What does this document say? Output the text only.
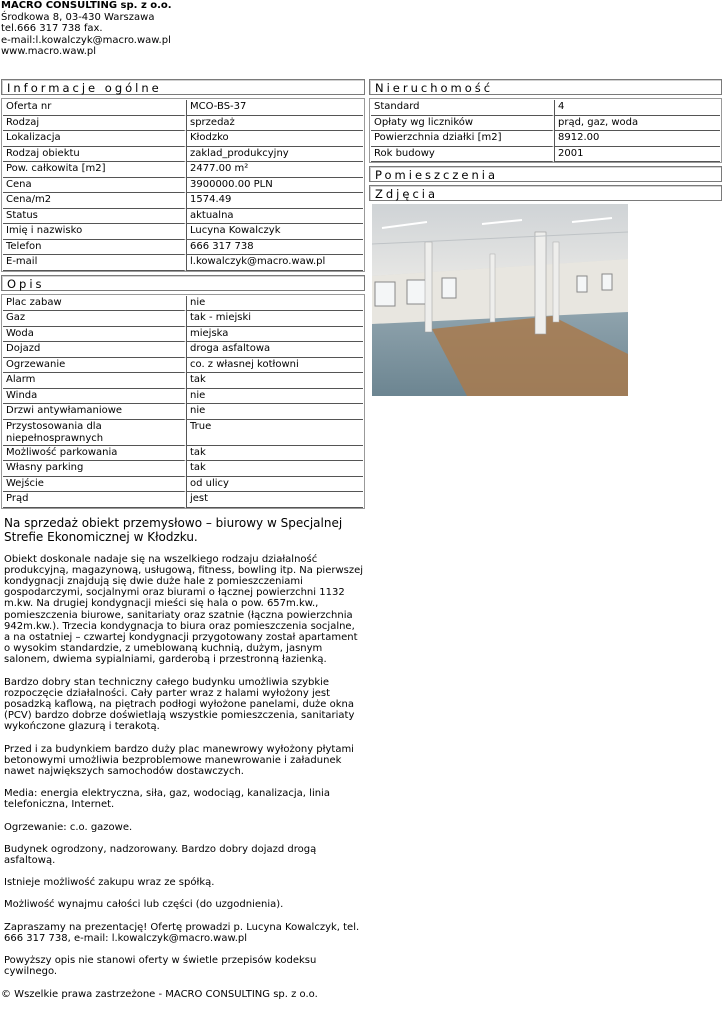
MACRO CONSULTING sp. z o.o.
Środkowa 8, 03-430 Warszawa
tel.666 317 738 fax.
e-mail:l.kowalczyk@macro.waw.pl
www.macro.waw.pl
Informacje ogólne
Oferta nr	MCO-BS-37
Rodzaj	sprzedaż
Lokalizacja	Kłodzko
Rodzaj obiektu	zaklad_produkcyjny
Pow. całkowita [m2]	2477.00 m²
Cena	3900000.00 PLN
Cena/m2	1574.49
Status	aktualna
Imię i nazwisko	Lucyna Kowalczyk
Telefon	666 317 738
E-mail	l.kowalczyk@macro.waw.pl
Opis
Plac zabaw	nie
Gaz	tak - miejski
Woda	miejska
Dojazd	droga asfaltowa
Ogrzewanie	co. z własnej kotłowni
Alarm	tak
Winda	nie
Drzwi antywłamaniowe	nie
Przystosowania dla niepełnosprawnych	True
Możliwość parkowania	tak
Własny parking	tak
Wejście	od ulicy
Prąd	jest
Na sprzedaż obiekt przemysłowo – biurowy w Specjalnej Strefie Ekonomicznej w Kłodzku.

Obiekt doskonale nadaje się na wszelkiego rodzaju działalność produkcyjną, magazynową, usługową, fitness, bowling itp. Na pierwszej kondygnacji znajdują się dwie duże hale z pomieszczeniami gospodarczymi, socjalnymi oraz biurami o łącznej powierzchni 1132 m.kw. Na drugiej kondygnacji mieści się hala o pow. 657m.kw., pomieszczenia biurowe, sanitariaty oraz szatnie (łączna powierzchnia 942m.kw.). Trzecia kondygnacja to biura oraz pomieszczenia socjalne, a na ostatniej – czwartej kondygnacji przygotowany został apartament o wysokim standardzie, z umeblowaną kuchnią, dużym, jasnym salonem, dwiema sypialniami, garderobą i przestronną łazienką.

Bardzo dobry stan techniczny całego budynku umożliwia szybkie rozpoczęcie działalności. Cały parter wraz z halami wyłożony jest posadzką kaflową, na piętrach podłogi wyłożone panelami, duże okna (PCV) bardzo dobrze doświetlają wszystkie pomieszczenia, sanitariaty wykończone glazurą i terakotą.

Przed i za budynkiem bardzo duży plac manewrowy wyłożony płytami betonowymi umożliwia bezproblemowe manewrowanie i załadunek nawet największych samochodów dostawczych.

Media: energia elektryczna, siła, gaz, wodociąg, kanalizacja, linia telefoniczna, Internet.

Ogrzewanie: c.o. gazowe.

Budynek ogrodzony, nadzorowany. Bardzo dobry dojazd drogą asfaltową.

Istnieje możliwość zakupu wraz ze spółką.

Możliwość wynajmu całości lub części (do uzgodnienia).

Zapraszamy na prezentację! Ofertę prowadzi p. Lucyna Kowalczyk, tel. 666 317 738, e-mail: l.kowalczyk@macro.waw.pl

Powyższy opis nie stanowi oferty w świetle przepisów kodeksu cywilnego.

Nieruchomość
Standard	4
Opłaty wg liczników	prąd, gaz, woda
Powierzchnia działki [m2]	8912.00
Rok budowy	2001
Pomieszczenia
Zdjęcia
© Wszelkie prawa zastrzeżone - MACRO CONSULTING sp. z o.o.
